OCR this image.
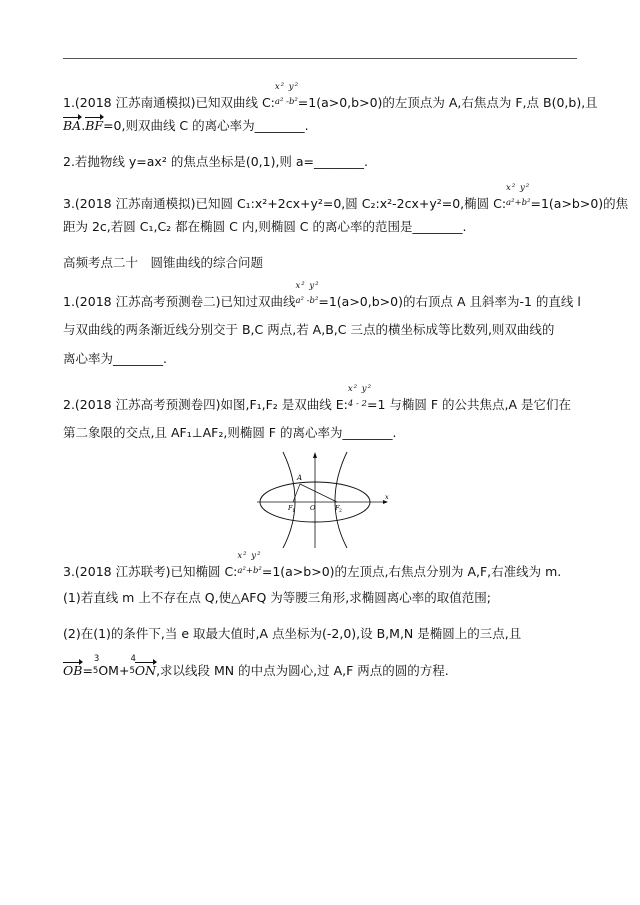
1.(2018 江苏南通模拟)已知双曲线 C:
x² y²
$^{a^2 -b^2}$=1(a>0,b>0)的左顶点为 A,右焦点为 F,点 B(0,b),且
BA.BF=0,则双曲线 C 的离心率为________.
2.若抛物线 y=ax² 的焦点坐标是(0,1),则 a=________.
3.(2018 江苏南通模拟)已知圆 C₁:x²+2cx+y²=0,圆 C₂:x²-2cx+y²=0,椭圆 C:
x² y²
$^{a^2+b^2}$=1(a>b>0)的焦
距为 2c,若圆 C₁,C₂ 都在椭圆 C 内,则椭圆 C 的离心率的范围是________.
高频考点二十　圆锥曲线的综合问题
1.(2018 江苏高考预测卷二)已知过双曲线
x² y²
$^{a^2 -b^2}$=1(a>0,b>0)的右顶点 A 且斜率为-1 的直线 l
与双曲线的两条渐近线分别交于 B,C 两点,若 A,B,C 三点的横坐标成等比数列,则双曲线的
离心率为________.
2.(2018 江苏高考预测卷四)如图,F₁,F₂ 是双曲线 E:
x² y²
$^{4 - 2}$=1 与椭圆 F 的公共焦点,A 是它们在
第二象限的交点,且 AF₁⊥AF₂,则椭圆 F 的离心率为________.
A
F 1 O	F 2
x
3.(2018 江苏联考)已知椭圆 C:
x² y²
$^{a^2+b^2}$=1(a>b>0)的左顶点,右焦点分别为 A,F,右准线为 m.
(1)若直线 m 上不存在点 Q,使△AFQ 为等腰三角形,求椭圆离心率的取值范围;
(2)在(1)的条件下,当 e 取最大值时,A 点坐标为(-2,0),设 B,M,N 是椭圆上的三点,且
OB=
3
5OM+
4
5ON,求以线段 MN 的中点为圆心,过 A,F 两点的圆的方程.
